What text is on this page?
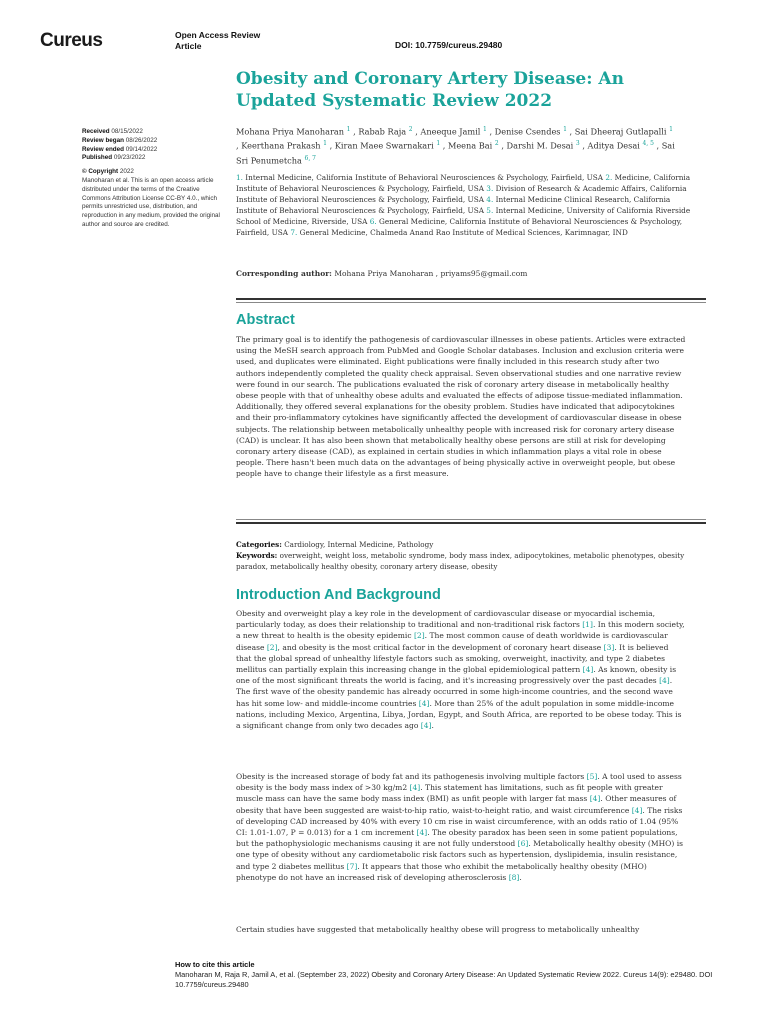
Cureus	Open Access Review
Article	DOI: 10.7759/cureus.29480
Obesity and Coronary Artery Disease: An Updated Systematic Review 2022
Mohana Priya Manoharan $^1$ , Rabab Raja $^2$ , Aneeque Jamil $^1$ , Denise Csendes $^1$ , Sai Dheeraj Gutlapalli $^1$ , Keerthana Prakash $^1$ , Kiran Maee Swarnakari $^1$ , Meena Bai $^2$ , Darshi M. Desai $^3$ , Aditya Desai $^{4, 5}$ , Sai Sri Penumetcha $^{6, 7}$
1. Internal Medicine, California Institute of Behavioral Neurosciences & Psychology, Fairfield, USA 2. Medicine, California Institute of Behavioral Neurosciences & Psychology, Fairfield, USA 3. Division of Research & Academic Affairs, California Institute of Behavioral Neurosciences & Psychology, Fairfield, USA 4. Internal Medicine Clinical Research, California Institute of Behavioral Neurosciences & Psychology, Fairfield, USA 5. Internal Medicine, University of California Riverside School of Medicine, Riverside, USA 6. General Medicine, California Institute of Behavioral Neurosciences & Psychology, Fairfield, USA 7. General Medicine, Chalmeda Anand Rao Institute of Medical Sciences, Karimnagar, IND
Corresponding author: Mohana Priya Manoharan , priyams95@gmail.com
Received 08/15/2022
Review began 08/26/2022
Review ended 09/14/2022
Published 09/23/2022
© Copyright 2022
Manoharan et al. This is an open access article distributed under the terms of the Creative Commons Attribution License CC-BY 4.0., which permits unrestricted use, distribution, and reproduction in any medium, provided the original author and source are credited.
Abstract

The primary goal is to identify the pathogenesis of cardiovascular illnesses in obese patients. Articles were extracted using the MeSH search approach from PubMed and Google Scholar databases. Inclusion and exclusion criteria were used, and duplicates were eliminated. Eight publications were finally included in this research study after two authors independently completed the quality check appraisal. Seven observational studies and one narrative review were found in our search. The publications evaluated the risk of coronary artery disease in metabolically healthy obese people with that of unhealthy obese adults and evaluated the effects of adipose tissue-mediated inflammation. Additionally, they offered several explanations for the obesity problem. Studies have indicated that adipocytokines and their pro-inflammatory cytokines have significantly affected the development of cardiovascular disease in obese subjects. The relationship between metabolically unhealthy people with increased risk for coronary artery disease (CAD) is unclear. It has also been shown that metabolically healthy obese persons are still at risk for developing coronary artery disease (CAD), as explained in certain studies in which inflammation plays a vital role in obese people. There hasn't been much data on the advantages of being physically active in overweight people, but obese people have to change their lifestyle as a first measure.

Categories: Cardiology, Internal Medicine, Pathology
Keywords: overweight, weight loss, metabolic syndrome, body mass index, adipocytokines, metabolic phenotypes, obesity paradox, metabolically healthy obesity, coronary artery disease, obesity
Introduction And Background

Obesity and overweight play a key role in the development of cardiovascular disease or myocardial ischemia, particularly today, as does their relationship to traditional and non-traditional risk factors [1]. In this modern society, a new threat to health is the obesity epidemic [2]. The most common cause of death worldwide is cardiovascular disease [2], and obesity is the most critical factor in the development of coronary heart disease [3]. It is believed that the global spread of unhealthy lifestyle factors such as smoking, overweight, inactivity, and type 2 diabetes mellitus can partially explain this increasing change in the global epidemiological pattern [4]. As known, obesity is one of the most significant threats the world is facing, and it's increasing progressively over the past decades [4]. The first wave of the obesity pandemic has already occurred in some high-income countries, and the second wave has hit some low- and middle-income countries [4]. More than 25% of the adult population in some middle-income nations, including Mexico, Argentina, Libya, Jordan, Egypt, and South Africa, are reported to be obese today. This is a significant change from only two decades ago [4].

Obesity is the increased storage of body fat and its pathogenesis involving multiple factors [5]. A tool used to assess obesity is the body mass index of >30 kg/m2 [4]. This statement has limitations, such as fit people with greater muscle mass can have the same body mass index (BMI) as unfit people with larger fat mass [4]. Other measures of obesity that have been suggested are waist-to-hip ratio, waist-to-height ratio, and waist circumference [4]. The risks of developing CAD increased by 40% with every 10 cm rise in waist circumference, with an odds ratio of 1.04 (95% CI: 1.01-1.07, P = 0.013) for a 1 cm increment [4]. The obesity paradox has been seen in some patient populations, but the pathophysiologic mechanisms causing it are not fully understood [6]. Metabolically healthy obesity (MHO) is one type of obesity without any cardiometabolic risk factors such as hypertension, dyslipidemia, insulin resistance, and type 2 diabetes mellitus [7]. It appears that those who exhibit the metabolically healthy obesity (MHO) phenotype do not have an increased risk of developing atherosclerosis [8].

Certain studies have suggested that metabolically healthy obese will progress to metabolically unhealthy

How to cite this article
Manoharan M, Raja R, Jamil A, et al. (September 23, 2022) Obesity and Coronary Artery Disease: An Updated Systematic Review 2022. Cureus 14(9): e29480. DOI 10.7759/cureus.29480
